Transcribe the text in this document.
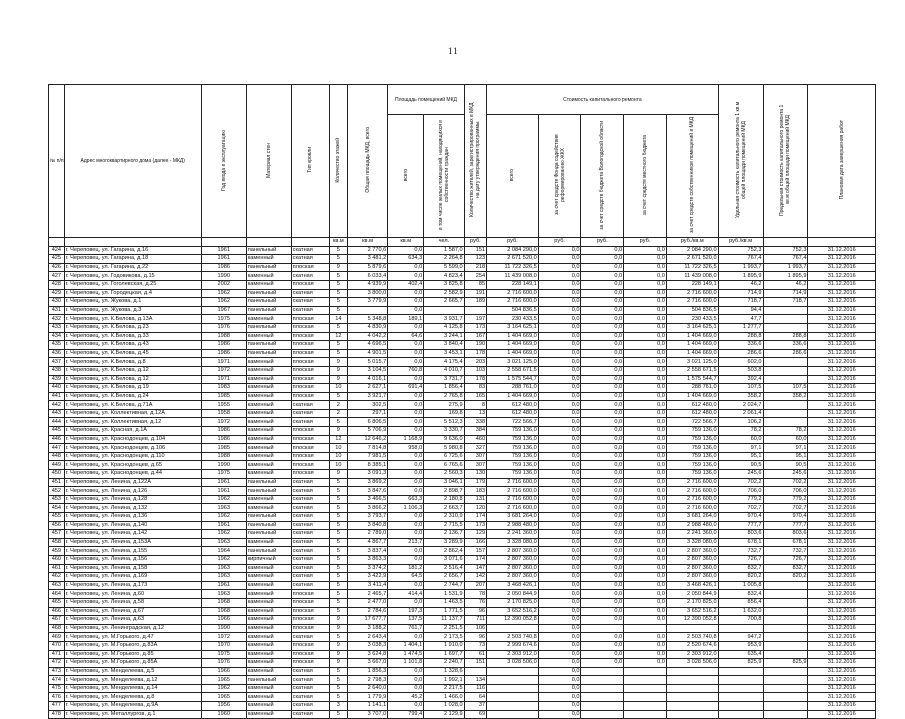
11
№ п/п	Адрес многоквартирного дома (далее - МКД)	Год ввода в эксплуатацию	Материал стен	Тип кровли	Количество этажей	Общая площадь МКД, всего	Площадь помещений МКД		Количество жителей, зарегистрированных в МКД на дату утверждения программы	Стоимость капитального ремонта					Удельная стоимость капитального ремонта 1 кв.м общей площади помещений МКД	Предельная стоимость капитального ремонта 1 кв.м общей площади помещений МКД	Плановая дата завершения работ
							всего	в том числе жилых помещений, находящихся в собственности граждан		всего	за счет средств Фонда содействия реформированию ЖКХ	за счет средств бюджета Вологодской области	за счет средств местного бюджета	за счет средств собственников помещений в МКД			
					кв.м	кв.м	кв.м	чел.	руб.	руб.	руб.	руб.	руб.	руб./кв.м	руб./кв.м		
424	г. Череповец, ул. Гагарина, д.16	1961	панельный	скатная	5	2 770,6	0,0	1 587,0	151	2 084 290,0	0,0	0,0	0,0	2 084 290,0	752,3	752,3	31.12.2016
425	г. Череповец, ул. Гагарина, д.18	1961	каменный	скатная	5	3 481,2	634,3	2 264,8	123	2 671 520,0	0,0	0,0	0,0	2 671 520,0	767,4	767,4	31.12.2016
426	г. Череповец, ул. Гагарина, д.22	1986	панельный	плоская	9	5 879,6	0,0	5 599,0	218	11 722 326,5	0,0	0,0	0,0	11 722 326,5	1 993,7	1 993,7	31.12.2016
427	г. Череповец, ул. Годовикова, д.15	1990	каменный	скатная	5	6 033,4	0,0	4 823,4	254	11 439 008,0	0,0	0,0	0,0	11 439 008,0	1 895,9	1 895,9	31.12.2016
428	г. Череповец, ул. Гоголевская, д.25	2002	каменный	плоская	5	4 939,9	402,4	3 825,8	85	228 149,1	0,0	0,0	0,0	228 149,1	46,2	46,2	31.12.2016
429	г. Череповец, ул. Городецкая, д.4	1962	панельный	скатная	5	3 800,0	0,0	2 582,9	191	2 716 600,0	0,0	0,0	0,0	2 716 600,0	714,9	714,9	31.12.2016
430	г. Череповец, ул. Жукова, д.1	1962	панельный	скатная	5	3 779,9	0,0	2 665,7	189	2 716 600,0	0,0	0,0	0,0	2 716 600,0	718,7	718,7	31.12.2016
431	г. Череповец, ул. Жукова, д.3	1967	панельный	скатная	5		0,0			504 836,5	0,0	0,0	0,0	504 836,5	94,4		31.12.2016
432	г. Череповец, ул. К.Белова, д.13А	1975	каменный	плоская	14	5 348,8	189,1	3 931,7	197	230 433,5	0,0	0,0	0,0	230 433,5	47,7		31.12.2016
433	г. Череповец, ул. К.Белова, д.23	1976	панельный	плоская	5	4 830,9	0,0	4 125,8	173	3 164 625,1	0,0	0,0	0,0	3 164 625,1	1 277,7		31.12.2016
434	г. Череповец, ул. К.Белова, д.33	1988	каменный	плоская	12	4 042,2	64,6	3 244,1	167	1 404 669,0	0,0	0,0	0,0	1 404 669,0	288,8	288,8	31.12.2016
435	г. Череповец, ул. К.Белова, д.43	1986	панельный	плоская	5	4 696,5	0,0	3 840,4	190	1 404 669,0	0,0	0,0	0,0	1 404 669,0	336,6	336,6	31.12.2016
436	г. Череповец, ул. К.Белова, д.45	1986	панельный	плоская	5	4 901,5	0,0	3 453,1	178	1 404 669,0	0,0	0,0	0,0	1 404 669,0	286,6	286,6	31.12.2016
437	г. Череповец, ул. К.Белова, д.8	1971	каменный	плоская	9	5 015,7	0,0	4 175,4	203	3 021 125,0	0,0	0,0	0,0	3 021 125,0	602,0		31.12.2016
438	г. Череповец, ул. К.Белова, д.12	1972	каменный	плоская	9	3 104,5	760,8	4 010,7	103	2 558 671,5	0,0	0,0	0,0	2 558 671,5	503,8		31.12.2016
439	г. Череповец, ул. К.Белова, д.12	1971	каменный	плоская	9	4 016,1	0,0	3 731,7	178	1 575 544,7	0,0	0,0	0,0	1 575 544,7	392,4		31.12.2016
440	г. Череповец, ул. К.Белова, д.19	1983	каменный	плоская	10	2 627,1	691,4	1 856,4	83	288 761,0	0,0	0,0	0,0	288 761,0	107,5	107,5	31.12.2016
441	г. Череповец, ул. К.Белова, д.24	1985	каменный	плоская	5	3 921,7	0,0	2 765,8	165	1 404 669,0	0,0	0,0	0,0	1 404 669,0	358,2	358,2	31.12.2016
442	г. Череповец, ул. К.Белова, д.71А	1955	каменный	скатная	2	302,5	0,0	275,9	8	612 480,0	0,0	0,0	0,0	612 480,0	2 024,7		31.12.2016
443	г. Череповец, ул. Коллективная, д.12А	1958	каменный	скатная	2	297,1	0,0	169,8	13	612 480,0	0,0	0,0	0,0	612 480,0	2 061,4		31.12.2016
444	г. Череповец, ул. Коллективная, д.12	1972	каменный	скатная	5	6 806,5	0,0	5 512,3	338	722 566,7	0,0	0,0	0,0	722 566,7	106,2		31.12.2016
445	г. Череповец, ул. Красная, д.1А	1986	каменный	плоская	9	5 706,9	0,0	3 330,7	384	759 136,0	0,0	0,0	0,0	759 136,0	78,2	78,2	31.12.2016
446	г. Череповец, ул. Краснодонцев, д.104	1986	каменный	плоская	12	12 646,2	1 168,9	9 636,0	460	759 136,0	0,0	0,0	0,0	759 136,0	60,0	60,0	31.12.2016
447	г. Череповец, ул. Краснодонцев, д.106	1985	каменный	плоская	10	7 814,8	958,0	5 980,8	327	759 136,0	0,0	0,0	0,0	759 136,0	97,1	97,1	31.12.2016
448	г. Череповец, ул. Краснодонцев, д.110	1988	каменный	плоская	10	7 981,5	0,0	6 725,6	307	759 136,0	0,0	0,0	0,0	759 136,0	95,1	95,1	31.12.2016
449	г. Череповец, ул. Краснодонцев, д.65	1990	каменный	плоская	10	8 385,1	0,0	6 765,6	307	759 136,0	0,0	0,0	0,0	759 136,0	90,5	90,5	31.12.2016
450	г. Череповец, ул. Краснодонцев, д.44	1975	каменный	плоская	9	3 091,3	0,0	2 560,3	130	759 136,0	0,0	0,0	0,0	759 136,0	245,6	245,6	31.12.2016
451	г. Череповец, ул. Ленина, д.122А	1961	панельный	скатная	5	3 869,2	0,0	3 046,1	179	2 716 600,0	0,0	0,0	0,0	2 716 600,0	702,2	702,2	31.12.2016
452	г. Череповец, ул. Ленина, д.126	1961	панельный	скатная	5	3 847,6	0,0	2 898,7	183	2 716 600,0	0,0	0,0	0,0	2 716 600,0	706,0	706,0	31.12.2016
453	г. Череповец, ул. Ленина, д.128	1962	каменный	скатная	5	3 466,5	663,3	2 180,8	131	2 716 600,0	0,0	0,0	0,0	2 716 600,0	779,2	779,2	31.12.2016
454	г. Череповец, ул. Ленина, д.132	1963	каменный	скатная	5	3 866,2	1 106,3	2 663,7	120	2 716 600,0	0,0	0,0	0,0	2 716 600,0	702,7	702,7	31.12.2016
455	г. Череповец, ул. Ленина, д.136	1962	панельный	скатная	5	3 793,7	0,0	2 310,9	174	3 681 264,0	0,0	0,0	0,0	3 681 264,0	970,4	970,4	31.12.2016
456	г. Череповец, ул. Ленина, д.140	1961	панельный	скатная	5	3 840,8	0,0	2 715,5	173	2 988 480,0	0,0	0,0	0,0	2 988 480,0	777,7	777,7	31.12.2016
457	г. Череповец, ул. Ленина, д.142	1962	панельный	скатная	5	2 789,0	0,0	2 136,7	129	2 241 360,0	0,0	0,0	0,0	2 241 360,0	803,6	803,6	31.12.2016
458	г. Череповец, ул. Ленина, д.153А	1963	каменный	скатная	5	4 867,7	213,7	3 289,9	166	3 328 080,0	0,0	0,0	0,0	3 328 080,0	678,1	678,1	31.12.2016
459	г. Череповец, ул. Ленина, д.155	1964	панельный	скатная	5	3 837,4	0,0	2 862,4	157	2 807 360,0	0,0	0,0	0,0	2 807 360,0	732,7	732,7	31.12.2016
460	г. Череповец, ул. Ленина, д.156	1962	кирпичный	скатная	5	3 863,3	0,0	3 071,6	174	2 807 360,0	0,0	0,0	0,0	2 807 360,0	726,7	726,7	31.12.2016
461	г. Череповец, ул. Ленина, д.158	1963	каменный	скатная	5	3 374,2	181,2	2 516,4	147	2 807 360,0	0,0	0,0	0,0	2 807 360,0	832,7	832,7	31.12.2016
462	г. Череповец, ул. Ленина, д.169	1963	каменный	скатная	5	3 422,9	64,5	2 656,7	142	2 807 360,0	0,0	0,0	0,0	2 807 360,0	820,2	820,2	31.12.2016
463	г. Череповец, ул. Ленина, д.173	1961	каменный	скатная	5	3 411,4	0,0	2 744,7	207	3 468 426,1	0,0	0,0	0,0	3 468 426,1	1 005,8		31.12.2016
464	г. Череповец, ул. Ленина, д.60	1963	каменный	плоская	5	2 465,7	414,4	1 531,9	78	2 050 844,9	0,0	0,0	0,0	2 050 844,9	832,4		31.12.2016
465	г. Череповец, ул. Ленина, д.58	1968	каменный	плоская	5	2 477,0	0,0	1 463,5	76	2 170 825,0	0,0	0,0	0,0	2 170 825,0	856,4		31.12.2016
466	г. Череповец, ул. Ленина, д.67	1968	каменный	плоская	5	2 784,6	197,3	1 771,5	96	3 652 516,2	0,0	0,0	0,0	3 652 516,2	1 632,0		31.12.2016
467	г. Череповец, ул. Ленина, д.63	1966	каменный	плоская	9	17 677,7	137,5	11 137,7	711	12 390 052,8	0,0	0,0	0,0	12 390 052,8	700,8		31.12.2016
468	г. Череповец, ул. Ленинградская, д.12	1990	каменный	плоская	9	3 188,2	761,7	2 251,5	106		0,0						31.12.2016
469	г. Череповец, ул. М.Горького, д.47	1972	каменный	скатная	5	2 643,4	0,0	2 173,5	96	2 503 740,8	0,0	0,0	0,0	2 503 740,8	947,2		31.12.2016
470	г. Череповец, ул. М.Горького, д.83А	1970	каменный	плоская	9	3 038,3	1 404,1	1 910,0	73	2 999 674,6	0,0	0,0	0,0	2 520 674,6	953,9		31.12.2016
471	г. Череповец, ул. М.Горького, д.85	1975	каменный	плоская	9	3 624,8	1 474,5	1 697,7	61	2 303 912,0	0,0	0,0	0,0	2 303 912,0	635,4		31.12.2016
472	г. Череповец, ул. М.Горького, д.85А	1976	каменный	плоская	9	3 667,0	1 101,8	2 240,7	151	3 028 506,0	0,0	0,0	0,0	3 028 506,0	825,9	825,9	31.12.2016
473	г. Череповец, ул. Менделеева, д.5	1966	каменный	скатная	5	1 856,3	0,0	1 328,6			0,0						31.12.2016
474	г. Череповец, ул. Менделеева, д.12	1965	панельный	скатная	5	2 798,3	0,0	1 992,1	134		0,0						31.12.2016
475	г. Череповец, ул. Менделеева, д.14	1962	каменный	скатная	5	2 640,0	0,0	2 217,5	116		0,0						31.12.2016
476	г. Череповец, ул. Менделеева, д.8	1965	каменный	скатная	5	1 779,9	45,2	1 466,0	64		0,0						31.12.2016
477	г. Череповец, ул. Менделеева, д.9А	1956	каменный	скатная	3	1 141,1	0,0	1 028,0	37		0,0						31.12.2016
478	г. Череповец, ул. Металлургов, д.1	1960	каменный	скатная	5	3 707,0	799,4	2 129,9	69		0,0						31.12.2016
